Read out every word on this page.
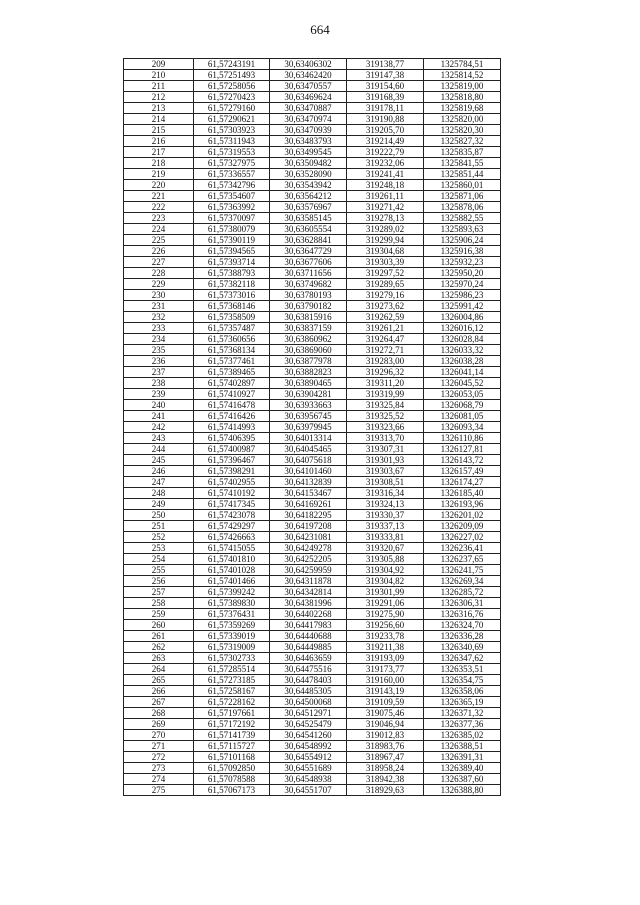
664
209	61,57243191	30,63406302	319138,77	1325784,51
210	61,57251493	30,63462420	319147,38	1325814,52
211	61,57258056	30,63470557	319154,60	1325819,00
212	61,57270423	30,63469624	319168,39	1325818,80
213	61,57279160	30,63470887	319178,11	1325819,68
214	61,57290621	30,63470974	319190,88	1325820,00
215	61,57303923	30,63470939	319205,70	1325820,30
216	61,57311943	30,63483793	319214,49	1325827,32
217	61,57319553	30,63499545	319222,79	1325835,87
218	61,57327975	30,63509482	319232,06	1325841,55
219	61,57336557	30,63528090	319241,41	1325851,44
220	61,57342796	30,63543942	319248,18	1325860,01
221	61,57354607	30,63564212	319261,11	1325871,06
222	61,57363992	30,63576967	319271,42	1325878,06
223	61,57370097	30,63585145	319278,13	1325882,55
224	61,57380079	30,63605554	319289,02	1325893,63
225	61,57390119	30,63628841	319299,94	1325906,24
226	61,57394565	30,63647729	319304,68	1325916,38
227	61,57393714	30,63677606	319303,39	1325932,23
228	61,57388793	30,63711656	319297,52	1325950,20
229	61,57382118	30,63749682	319289,65	1325970,24
230	61,57373016	30,63780193	319279,16	1325986,23
231	61,57368146	30,63790182	319273,62	1325991,42
232	61,57358509	30,63815916	319262,59	1326004,86
233	61,57357487	30,63837159	319261,21	1326016,12
234	61,57360656	30,63860962	319264,47	1326028,84
235	61,57368134	30,63869060	319272,71	1326033,32
236	61,57377461	30,63877978	319283,00	1326038,28
237	61,57389465	30,63882823	319296,32	1326041,14
238	61,57402897	30,63890465	319311,20	1326045,52
239	61,57410927	30,63904281	319319,99	1326053,05
240	61,57416478	30,63933663	319325,84	1326068,79
241	61,57416426	30,63956745	319325,52	1326081,05
242	61,57414993	30,63979945	319323,66	1326093,34
243	61,57406395	30,64013314	319313,70	1326110,86
244	61,57400987	30,64045465	319307,31	1326127,81
245	61,57396467	30,64075618	319301,93	1326143,72
246	61,57398291	30,64101460	319303,67	1326157,49
247	61,57402955	30,64132839	319308,51	1326174,27
248	61,57410192	30,64153467	319316,34	1326185,40
249	61,57417345	30,64169261	319324,13	1326193,96
250	61,57423078	30,64182295	319330,37	1326201,02
251	61,57429297	30,64197208	319337,13	1326209,09
252	61,57426663	30,64231081	319333,81	1326227,02
253	61,57415055	30,64249278	319320,67	1326236,41
254	61,57401810	30,64252205	319305,88	1326237,65
255	61,57401028	30,64259959	319304,92	1326241,75
256	61,57401466	30,64311878	319304,82	1326269,34
257	61,57399242	30,64342814	319301,99	1326285,72
258	61,57389830	30,64381996	319291,06	1326306,31
259	61,57376431	30,64402268	319275,90	1326316,76
260	61,57359269	30,64417983	319256,60	1326324,70
261	61,57339019	30,64440688	319233,78	1326336,28
262	61,57319009	30,64449885	319211,38	1326340,69
263	61,57302733	30,64463659	319193,09	1326347,62
264	61,57285514	30,64475516	319173,77	1326353,51
265	61,57273185	30,64478403	319160,00	1326354,75
266	61,57258167	30,64485305	319143,19	1326358,06
267	61,57228162	30,64500068	319109,59	1326365,19
268	61,57197661	30,64512971	319075,46	1326371,32
269	61,57172192	30,64525479	319046,94	1326377,36
270	61,57141739	30,64541260	319012,83	1326385,02
271	61,57115727	30,64548992	318983,76	1326388,51
272	61,57101168	30,64554912	318967,47	1326391,31
273	61,57092850	30,64551689	318958,24	1326389,40
274	61,57078588	30,64548938	318942,38	1326387,60
275	61,57067173	30,64551707	318929,63	1326388,80
